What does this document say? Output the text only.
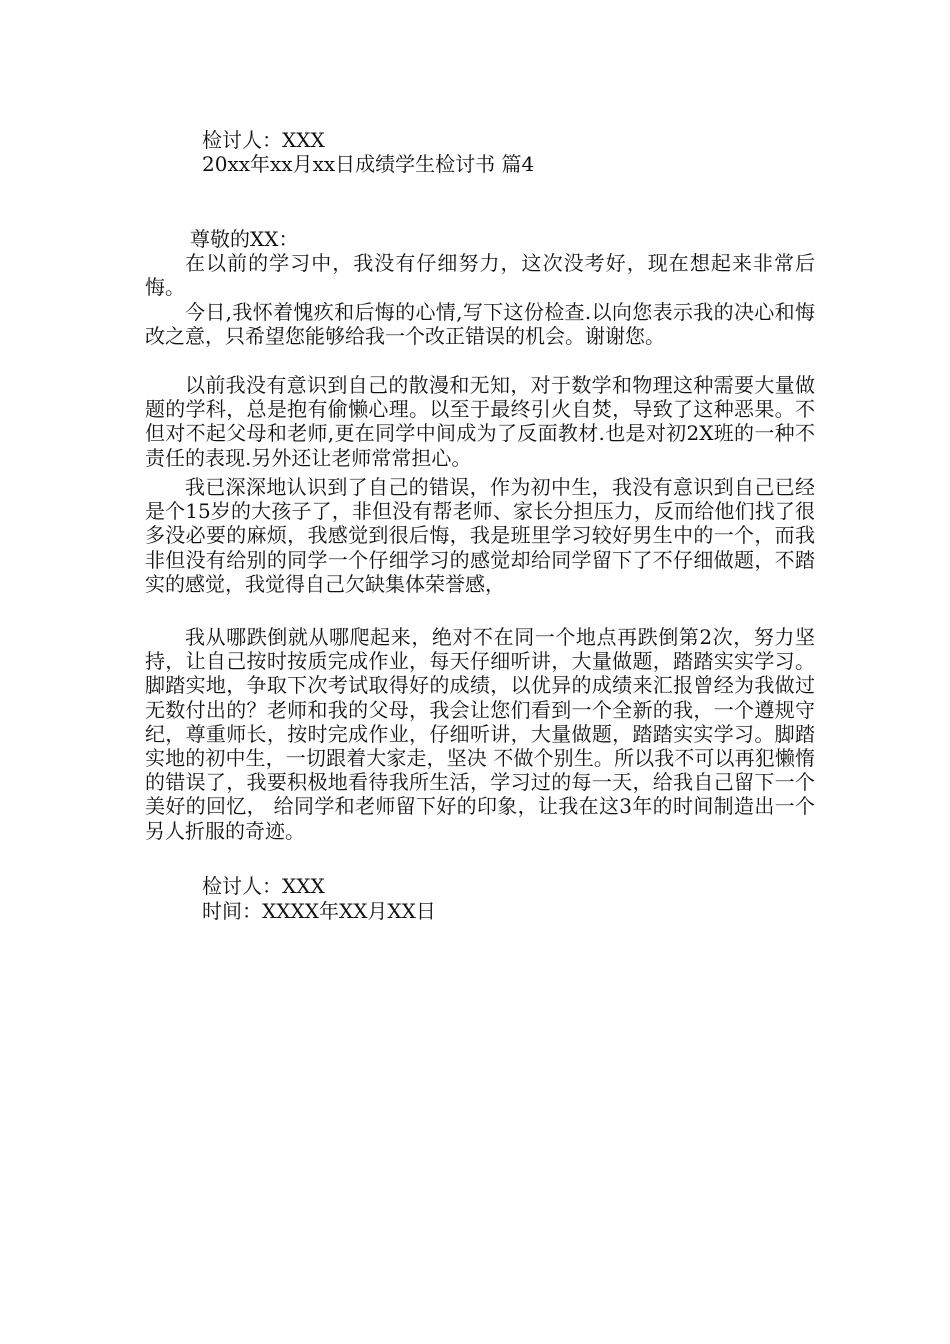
检讨人：XXX
20xx年xx月xx日成绩学生检讨书 篇4
尊敬的XX：

在以前的学习中，我没有仔细努力，这次没考好，现在想起来非常后悔。

今日,我怀着愧疚和后悔的心情,写下这份检查.以向您表示我的决心和悔改之意，只希望您能够给我一个改正错误的机会。谢谢您。

以前我没有意识到自己的散漫和无知，对于数学和物理这种需要大量做题的学科，总是抱有偷懒心理。以至于最终引火自焚，导致了这种恶果。不但对不起父母和老师,更在同学中间成为了反面教材.也是对初2X班的一种不责任的表现.另外还让老师常常担心。

我已深深地认识到了自己的错误，作为初中生，我没有意识到自己已经是个15岁的大孩子了，非但没有帮老师、家长分担压力，反而给他们找了很多没必要的麻烦，我感觉到很后悔，我是班里学习较好男生中的一个，而我非但没有给别的同学一个仔细学习的感觉却给同学留下了不仔细做题，不踏实的感觉，我觉得自己欠缺集体荣誉感，

我从哪跌倒就从哪爬起来，绝对不在同一个地点再跌倒第2次，努力坚持，让自己按时按质完成作业，每天仔细听讲，大量做题，踏踏实实学习。脚踏实地，争取下次考试取得好的成绩，以优异的成绩来汇报曾经为我做过无数付出的？老师和我的父母，我会让您们看到一个全新的我，一个遵规守纪，尊重师长，按时完成作业，仔细听讲，大量做题，踏踏实实学习。脚踏实地的初中生，一切跟着大家走，坚决 不做个别生。所以我不可以再犯懒惰的错误了，我要积极地看待我所生活，学习过的每一天，给我自己留下一个美好的回忆， 给同学和老师留下好的印象，让我在这3年的时间制造出一个另人折服的奇迹。

检讨人：XXX
时间：XXXX年XX月XX日
